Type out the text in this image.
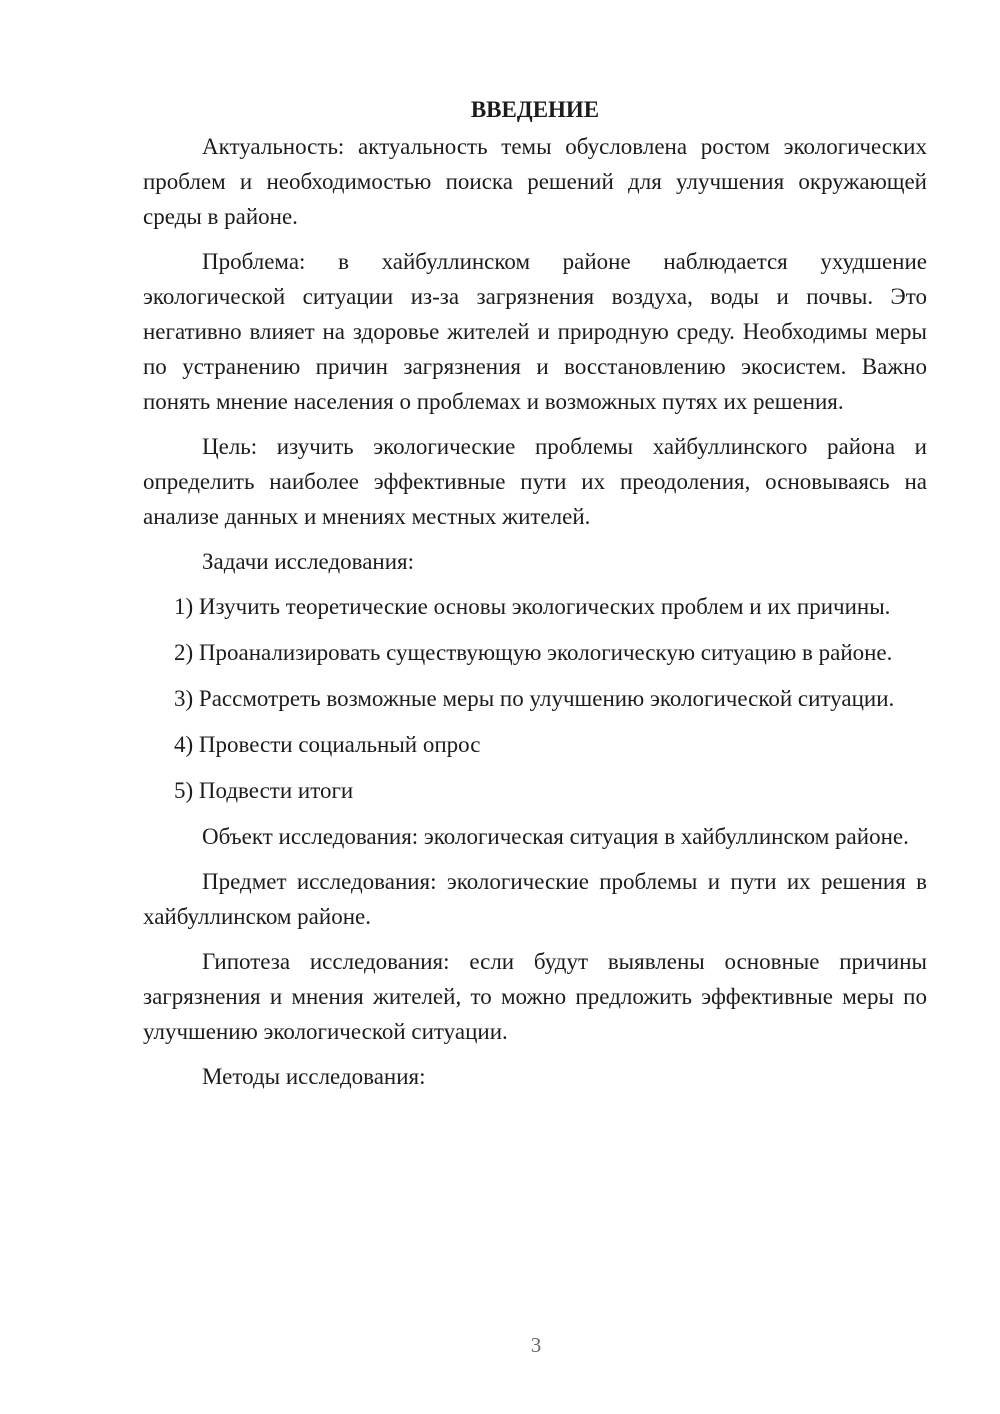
ВВЕДЕНИЕ

Актуальность: актуальность темы обусловлена ростом экологических проблем и необходимостью поиска решений для улучшения окружающей среды в районе.

Проблема: в хайбуллинском районе наблюдается ухудшение экологической ситуации из-за загрязнения воздуха, воды и почвы. Это негативно влияет на здоровье жителей и природную среду. Необходимы меры по устранению причин загрязнения и восстановлению экосистем. Важно понять мнение населения о проблемах и возможных путях их решения.

Цель: изучить экологические проблемы хайбуллинского района и определить наиболее эффективные пути их преодоления, основываясь на анализе данных и мнениях местных жителей.

Задачи исследования:

1) Изучить теоретические основы экологических проблем и их причины.

2) Проанализировать существующую экологическую ситуацию в районе.

3) Рассмотреть возможные меры по улучшению экологической ситуации.

4) Провести социальный опрос

5) Подвести итоги

Объект исследования: экологическая ситуация в хайбуллинском районе.

Предмет исследования: экологические проблемы и пути их решения в хайбуллинском районе.

Гипотеза исследования: если будут выявлены основные причины загрязнения и мнения жителей, то можно предложить эффективные меры по улучшению экологической ситуации.

Методы исследования:

3
